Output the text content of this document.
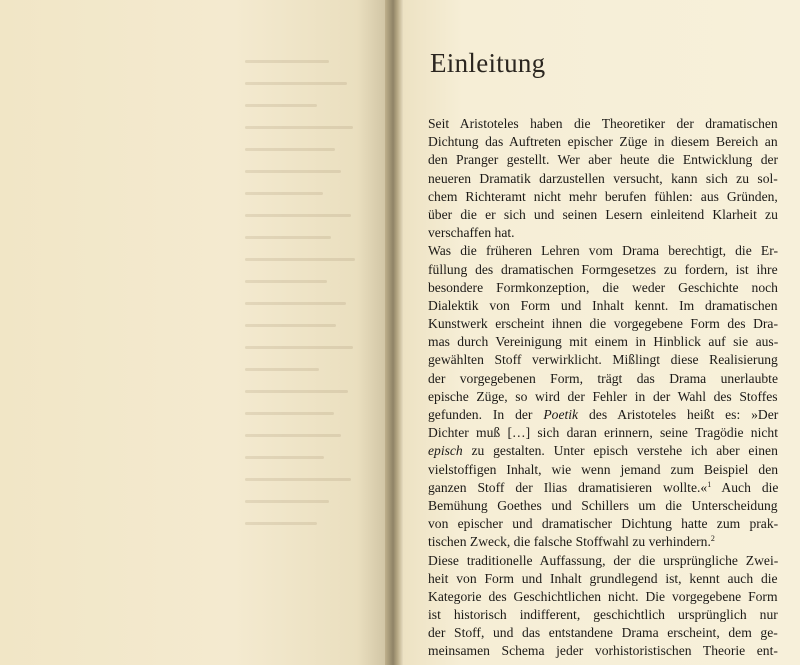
Einleitung
Seit Aristoteles haben die Theoretiker der dramatischen
Dichtung das Auftreten epischer Züge in diesem Bereich an
den Pranger gestellt. Wer aber heute die Entwicklung der
neueren Dramatik darzustellen versucht, kann sich zu sol-
chem Richteramt nicht mehr berufen fühlen: aus Gründen,
über die er sich und seinen Lesern einleitend Klarheit zu
verschaffen hat.
Was die früheren Lehren vom Drama berechtigt, die Er-
füllung des dramatischen Formgesetzes zu fordern, ist ihre
besondere Formkonzeption, die weder Geschichte noch
Dialektik von Form und Inhalt kennt. Im dramatischen
Kunstwerk erscheint ihnen die vorgegebene Form des Dra-
mas durch Vereinigung mit einem in Hinblick auf sie aus-
gewählten Stoff verwirklicht. Mißlingt diese Realisierung
der vorgegebenen Form, trägt das Drama unerlaubte
epische Züge, so wird der Fehler in der Wahl des Stoffes
gefunden. In der Poetik des Aristoteles heißt es: »Der
Dichter muß […] sich daran erinnern, seine Tragödie nicht
episch zu gestalten. Unter episch verstehe ich aber einen
vielstoffigen Inhalt, wie wenn jemand zum Beispiel den
ganzen Stoff der Ilias dramatisieren wollte.«$^1$ Auch die
Bemühung Goethes und Schillers um die Unterscheidung
von epischer und dramatischer Dichtung hatte zum prak-
tischen Zweck, die falsche Stoffwahl zu verhindern.$^2$
Diese traditionelle Auffassung, der die ursprüngliche Zwei-
heit von Form und Inhalt grundlegend ist, kennt auch die
Kategorie des Geschichtlichen nicht. Die vorgegebene Form
ist historisch indifferent, geschichtlich ursprünglich nur
der Stoff, und das entstandene Drama erscheint, dem ge-
meinsamen Schema jeder vorhistoristischen Theorie ent-
